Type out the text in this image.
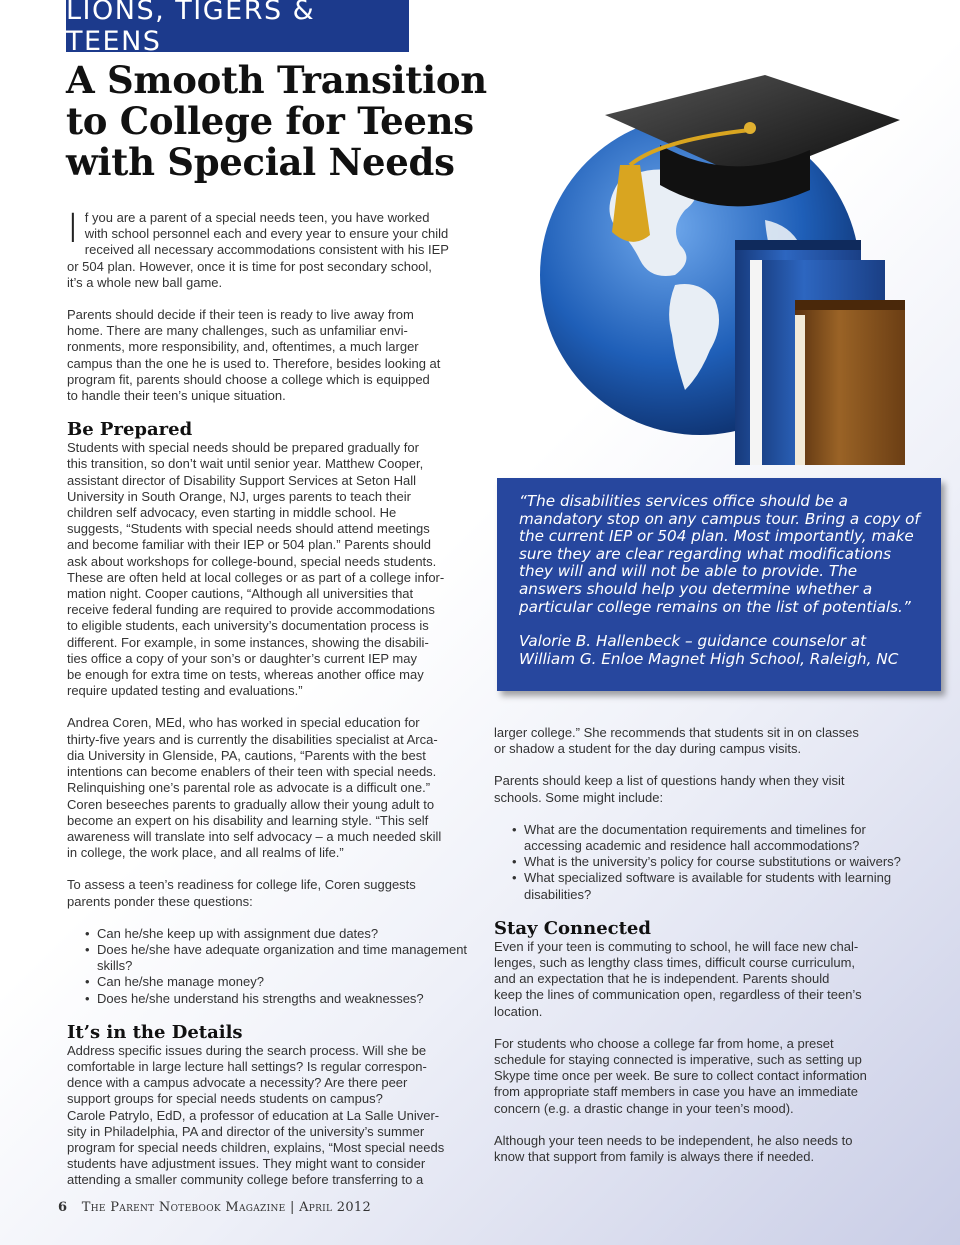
LIONS, TIGERS & TEENS
A Smooth Transition
to College for Teens
with Special Needs

If you are a parent of a special needs teen, you have worked
with school personnel each and every year to ensure your child
received all necessary accommodations consistent with his IEP
or 504 plan. However, once it is time for post secondary school,
it’s a whole new ball game.

Parents should decide if their teen is ready to live away from
home. There are many challenges, such as unfamiliar envi-
ronments, more responsibility, and, oftentimes, a much larger
campus than the one he is used to. Therefore, besides looking at
program fit, parents should choose a college which is equipped
to handle their teen’s unique situation.

Be Prepared

Students with special needs should be prepared gradually for
this transition, so don’t wait until senior year. Matthew Cooper,
assistant director of Disability Support Services at Seton Hall
University in South Orange, NJ, urges parents to teach their
children self advocacy, even starting in middle school. He
suggests, “Students with special needs should attend meetings
and become familiar with their IEP or 504 plan.” Parents should
ask about workshops for college-bound, special needs students.
These are often held at local colleges or as part of a college infor-
mation night. Cooper cautions, “Although all universities that
receive federal funding are required to provide accommodations
to eligible students, each university’s documentation process is
different. For example, in some instances, showing the disabili-
ties office a copy of your son’s or daughter’s current IEP may
be enough for extra time on tests, whereas another office may
require updated testing and evaluations.”

Andrea Coren, MEd, who has worked in special education for
thirty-five years and is currently the disabilities specialist at Arca-
dia University in Glenside, PA, cautions, “Parents with the best
intentions can become enablers of their teen with special needs.
Relinquishing one’s parental role as advocate is a difficult one.”
Coren beseeches parents to gradually allow their young adult to
become an expert on his disability and learning style. “This self
awareness will translate into self advocacy – a much needed skill
in college, the work place, and all realms of life.”

To assess a teen’s readiness for college life, Coren suggests
parents ponder these questions:

• Can he/she keep up with assignment due dates?
• Does he/she have adequate organization and time management skills?
• Can he/she manage money?
• Does he/she understand his strengths and weaknesses?
It’s in the Details

Address specific issues during the search process. Will she be
comfortable in large lecture hall settings? Is regular correspon-
dence with a campus advocate a necessity? Are there peer
support groups for special needs students on campus?
Carole Patrylo, EdD, a professor of education at La Salle Univer-
sity in Philadelphia, PA and director of the university’s summer
program for special needs children, explains, “Most special needs
students have adjustment issues. They might want to consider
attending a smaller community college before transferring to a

“The disabilities services office should be a mandatory stop on any campus tour. Bring a copy of the current IEP or 504 plan. Most importantly, make sure they are clear regarding what modifications they will and will not be able to provide. The answers should help you determine whether a particular college remains on the list of potentials.”

Valorie B. Hallenbeck – guidance counselor at William G. Enloe Magnet High School, Raleigh, NC

larger college.” She recommends that students sit in on classes
or shadow a student for the day during campus visits.

Parents should keep a list of questions handy when they visit
schools. Some might include:

• What are the documentation requirements and timelines for accessing academic and residence hall accommodations?
• What is the university’s policy for course substitutions or waivers?
• What specialized software is available for students with learning disabilities?
Stay Connected

Even if your teen is commuting to school, he will face new chal-
lenges, such as lengthy class times, difficult course curriculum,
and an expectation that he is independent. Parents should
keep the lines of communication open, regardless of their teen’s
location.

For students who choose a college far from home, a preset
schedule for staying connected is imperative, such as setting up
Skype time once per week. Be sure to collect contact information
from appropriate staff members in case you have an immediate
concern (e.g. a drastic change in your teen’s mood).

Although your teen needs to be independent, he also needs to
know that support from family is always there if needed.

6 The Parent Notebook Magazine | April 2012
